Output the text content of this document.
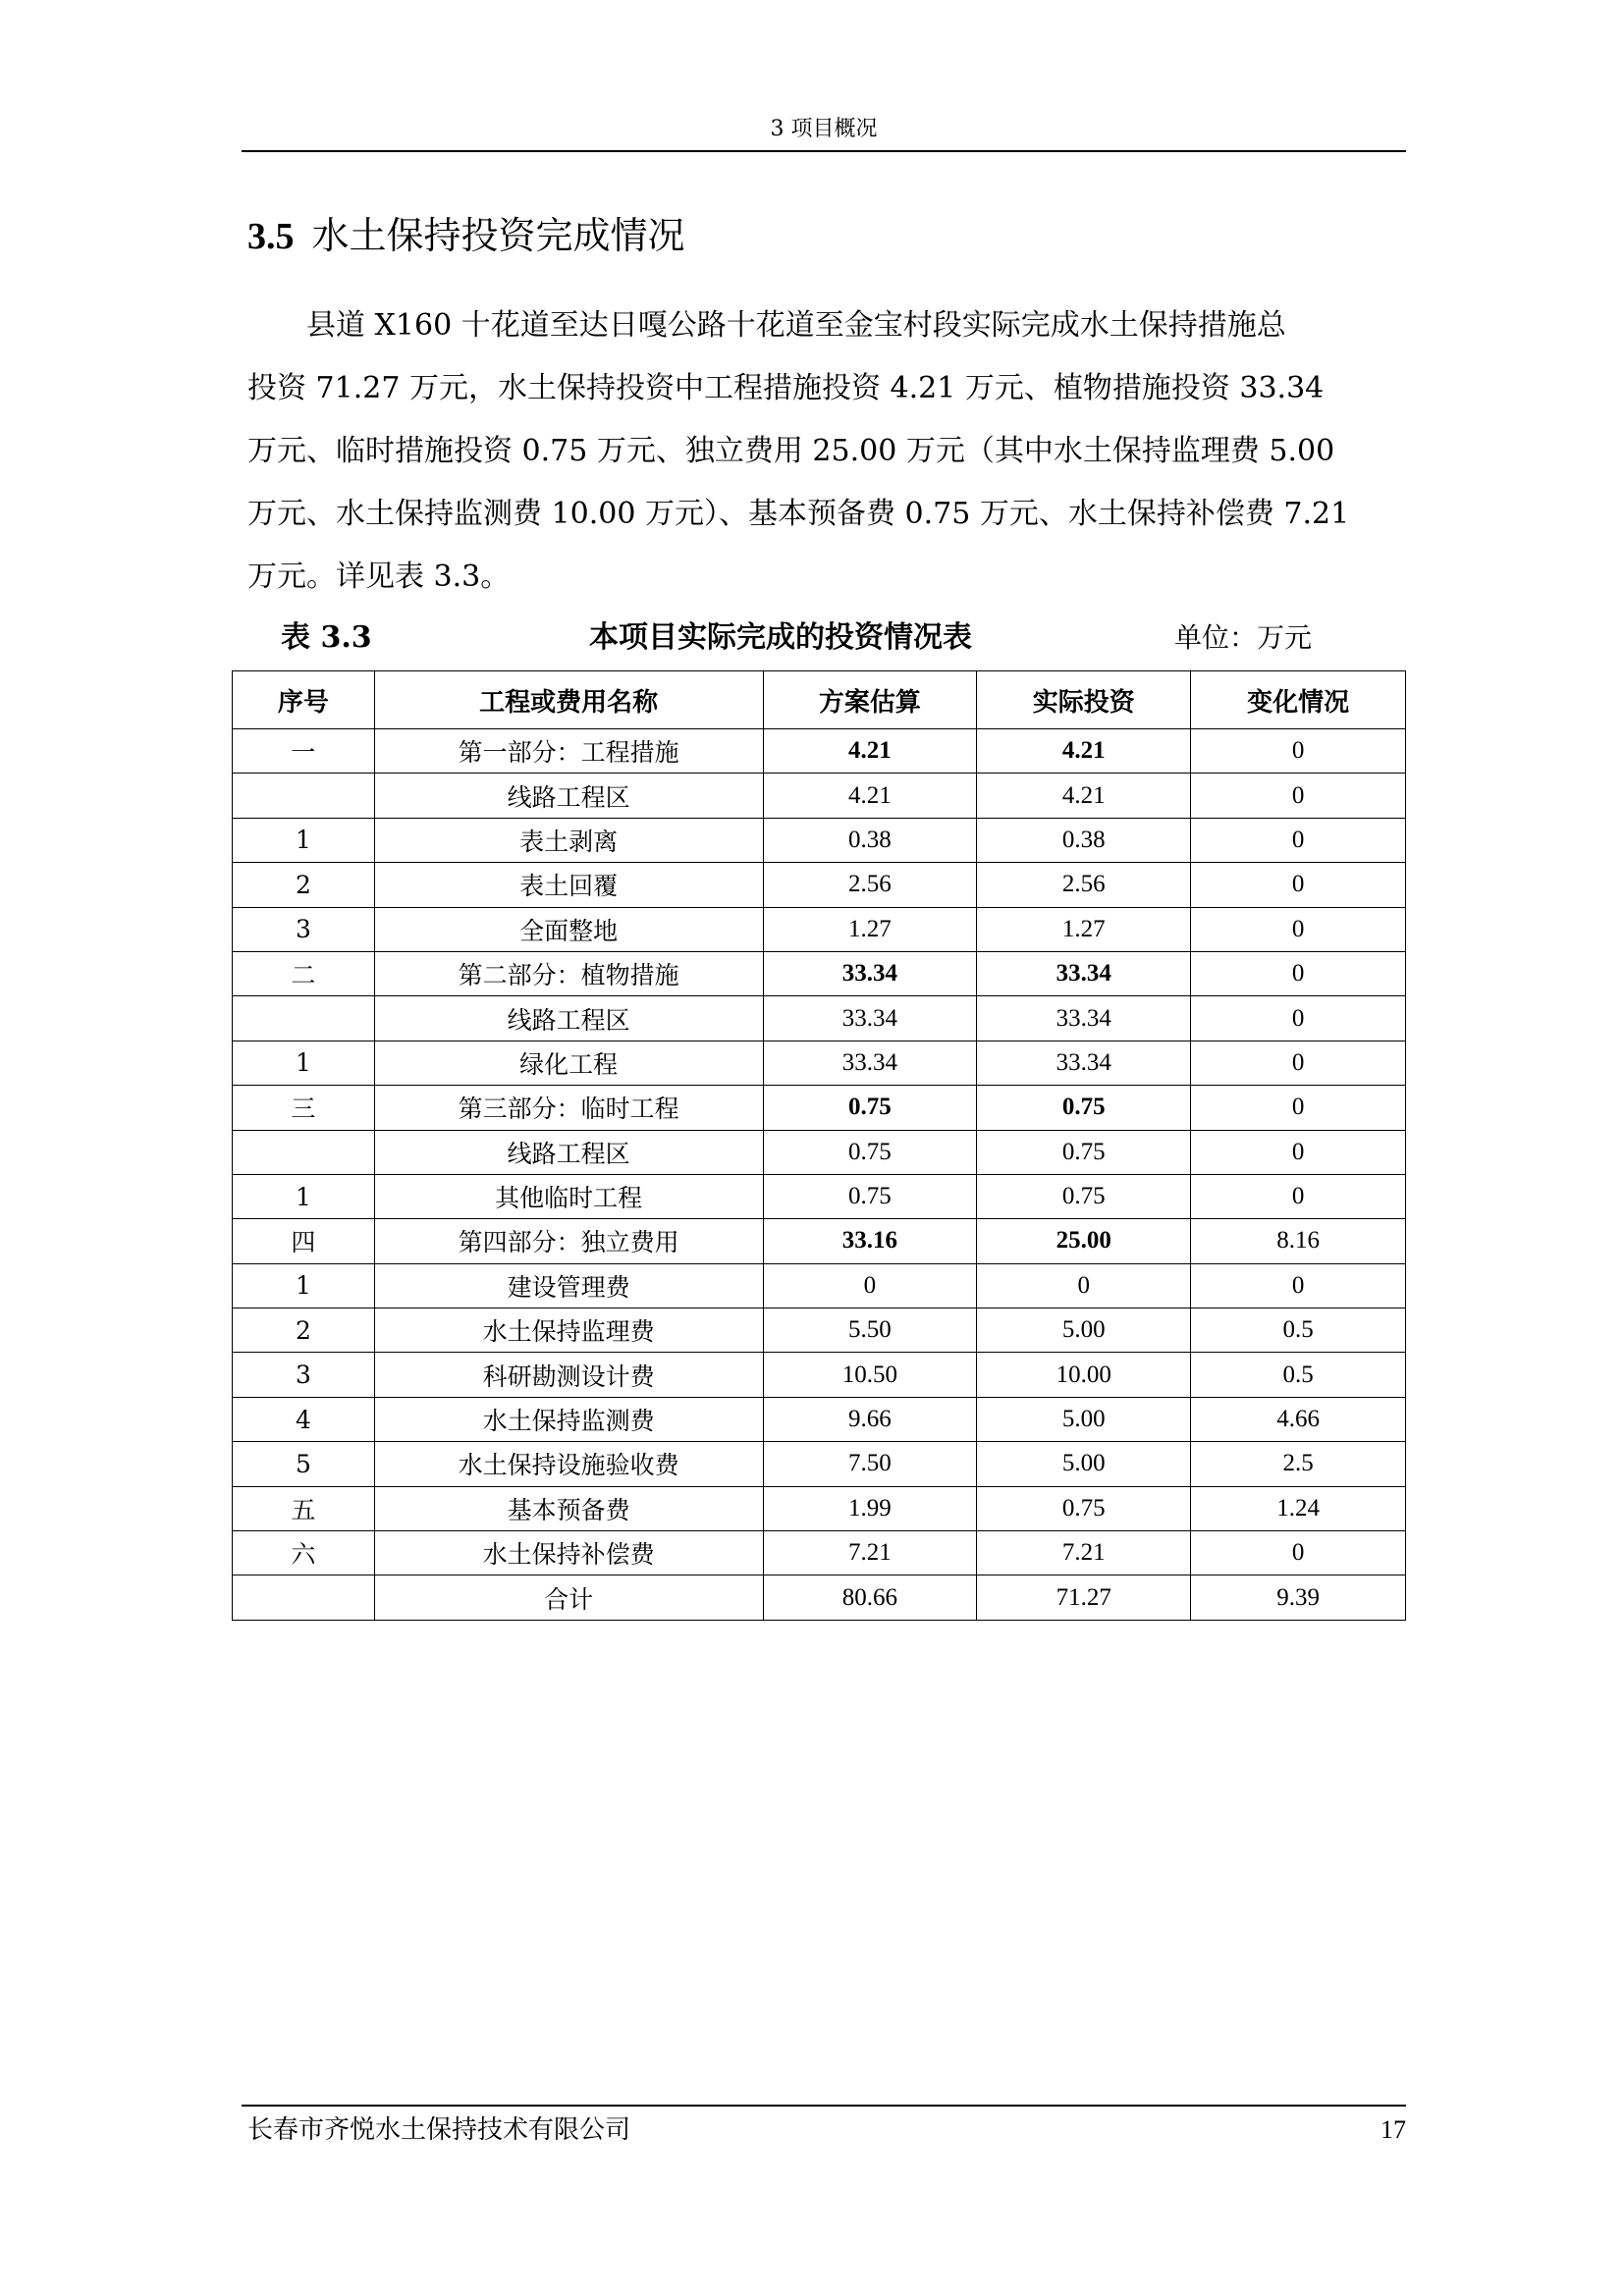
3 项目概况
3.5 水土保持投资完成情况
县道 X160 十花道至达日嘎公路十花道至金宝村段实际完成水土保持措施总
投资 71.27 万元，水土保持投资中工程措施投资 4.21 万元、植物措施投资 33.34
万元、临时措施投资 0.75 万元、独立费用 25.00 万元（其中水土保持监理费 5.00
万元、水土保持监测费 10.00 万元）、基本预备费 0.75 万元、水土保持补偿费 7.21
万元。详见表 3.3。
表 3.3	本项目实际完成的投资情况表	单位：万元
序号	工程或费用名称	方案估算	实际投资	变化情况
一	第一部分：工程措施	4.21	4.21	0
	线路工程区	4.21	4.21	0
1	表土剥离	0.38	0.38	0
2	表土回覆	2.56	2.56	0
3	全面整地	1.27	1.27	0
二	第二部分：植物措施	33.34	33.34	0
	线路工程区	33.34	33.34	0
1	绿化工程	33.34	33.34	0
三	第三部分：临时工程	0.75	0.75	0
	线路工程区	0.75	0.75	0
1	其他临时工程	0.75	0.75	0
四	第四部分：独立费用	33.16	25.00	8.16
1	建设管理费	0	0	0
2	水土保持监理费	5.50	5.00	0.5
3	科研勘测设计费	10.50	10.00	0.5
4	水土保持监测费	9.66	5.00	4.66
5	水土保持设施验收费	7.50	5.00	2.5
五	基本预备费	1.99	0.75	1.24
六	水土保持补偿费	7.21	7.21	0
	合计	80.66	71.27	9.39
长春市齐悦水土保持技术有限公司	17
